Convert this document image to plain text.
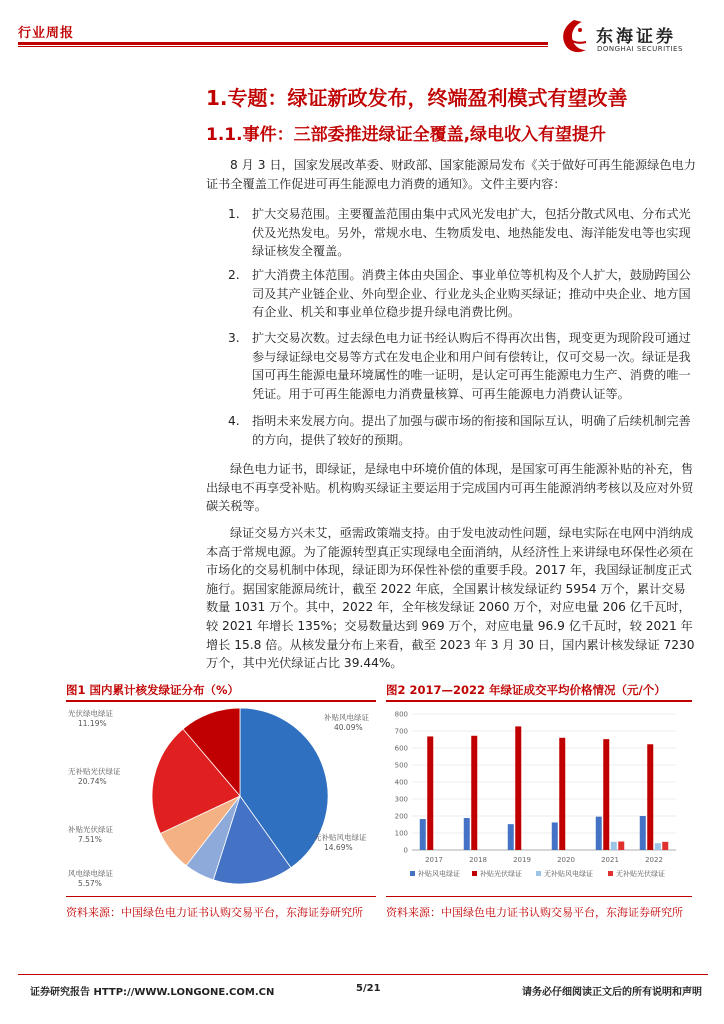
行业周报	东海证券
DONGHAI SECURITIES
1.专题：绿证新政发布，终端盈利模式有望改善
1.1.事件：三部委推进绿证全覆盖,绿电收入有望提升
8 月 3 日，国家发展改革委、财政部、国家能源局发布《关于做好可再生能源绿色电力证书全覆盖工作促进可再生能源电力消费的通知》。文件主要内容：
1. 扩大交易范围。主要覆盖范围由集中式风光发电扩大，包括分散式风电、分布式光伏及光热发电。另外，常规水电、生物质发电、地热能发电、海洋能发电等也实现绿证核发全覆盖。
2. 扩大消费主体范围。消费主体由央国企、事业单位等机构及个人扩大，鼓励跨国公司及其产业链企业、外向型企业、行业龙头企业购买绿证；推动中央企业、地方国有企业、机关和事业单位稳步提升绿电消费比例。
3. 扩大交易次数。过去绿色电力证书经认购后不得再次出售，现变更为现阶段可通过参与绿证绿电交易等方式在发电企业和用户间有偿转让，仅可交易一次。绿证是我国可再生能源电量环境属性的唯一证明，是认定可再生能源电力生产、消费的唯一凭证。用于可再生能源电力消费量核算、可再生能源电力消费认证等。
4. 指明未来发展方向。提出了加强与碳市场的衔接和国际互认，明确了后续机制完善的方向，提供了较好的预期。
绿色电力证书，即绿证，是绿电中环境价值的体现，是国家可再生能源补贴的补充，售出绿电不再享受补贴。机构购买绿证主要运用于完成国内可再生能源消纳考核以及应对外贸碳关税等。
绿证交易方兴未艾，亟需政策端支持。由于发电波动性问题，绿电实际在电网中消纳成本高于常规电源。为了能源转型真正实现绿电全面消纳，从经济性上来讲绿电环保性必须在市场化的交易机制中体现，绿证即为环保性补偿的重要手段。2017 年，我国绿证制度正式施行。据国家能源局统计，截至 2022 年底，全国累计核发绿证约 5954 万个，累计交易数量 1031 万个。其中，2022 年，全年核发绿证 2060 万个，对应电量 206 亿千瓦时，较 2021 年增长 135%；交易数量达到 969 万个，对应电量 96.9 亿千瓦时，较 2021 年增长 15.8 倍。从核发量分布上来看，截至 2023 年 3 月 30 日，国内累计核发绿证 7230 万个，其中光伏绿证占比 39.44%。
图1 国内累计核发绿证分布（%）
补贴风电绿证
40.09%
无补贴风电绿证
14.69%
风电绿电绿证
5.57%
补贴光伏绿证
7.51%
无补贴光伏绿证
20.74%
光伏绿电绿证
11.19%
资料来源：中国绿色电力证书认购交易平台，东海证券研究所
图2 2017—2022 年绿证成交平均价格情况（元/个）
0
100
200
300
400
500
600
700
800
2017	2018	2019	2020	2021	2022
补贴风电绿证	补贴光伏绿证	无补贴风电绿证	无补贴光伏绿证
资料来源：中国绿色电力证书认购交易平台，东海证券研究所
证券研究报告 HTTP://WWW.LONGONE.COM.CN	5/21	请务必仔细阅读正文后的所有说明和声明
